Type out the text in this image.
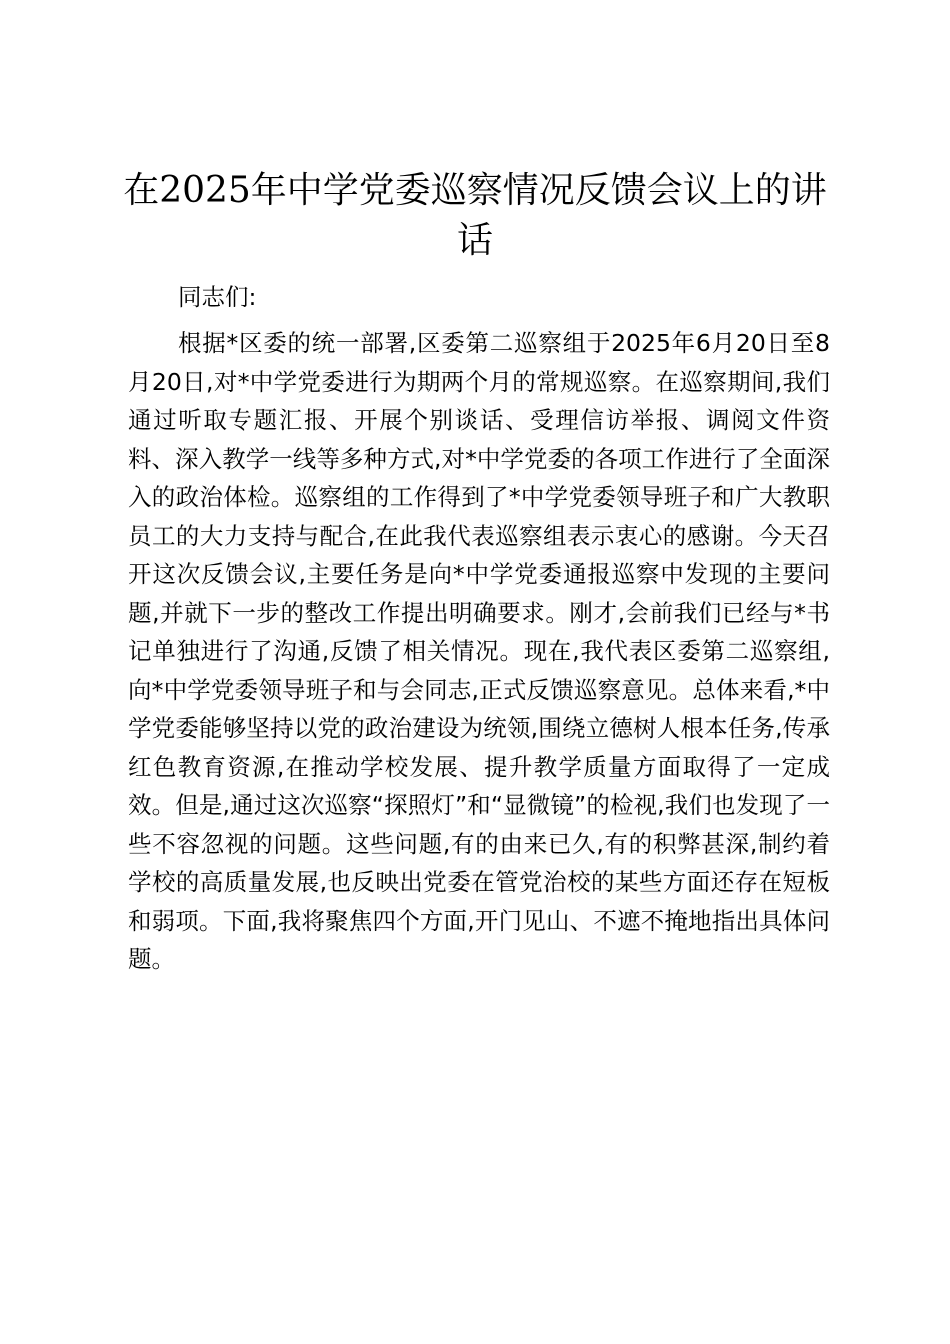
在2025年中学党委巡察情况反馈会议上的讲话

同志们:

根据*区委的统一部署,区委第二巡察组于2025年6月20日至8月20日,对*中学党委进行为期两个月的常规巡察。在巡察期间,我们通过听取专题汇报、开展个别谈话、受理信访举报、调阅文件资料、深入教学一线等多种方式,对*中学党委的各项工作进行了全面深入的政治体检。巡察组的工作得到了*中学党委领导班子和广大教职员工的大力支持与配合,在此我代表巡察组表示衷心的感谢。今天召开这次反馈会议,主要任务是向*中学党委通报巡察中发现的主要问题,并就下一步的整改工作提出明确要求。刚才,会前我们已经与*书记单独进行了沟通,反馈了相关情况。现在,我代表区委第二巡察组,向*中学党委领导班子和与会同志,正式反馈巡察意见。总体来看,*中学党委能够坚持以党的政治建设为统领,围绕立德树人根本任务,传承红色教育资源,在推动学校发展、提升教学质量方面取得了一定成效。但是,通过这次巡察“探照灯”和“显微镜”的检视,我们也发现了一些不容忽视的问题。这些问题,有的由来已久,有的积弊甚深,制约着学校的高质量发展,也反映出党委在管党治校的某些方面还存在短板和弱项。下面,我将聚焦四个方面,开门见山、不遮不掩地指出具体问题。
